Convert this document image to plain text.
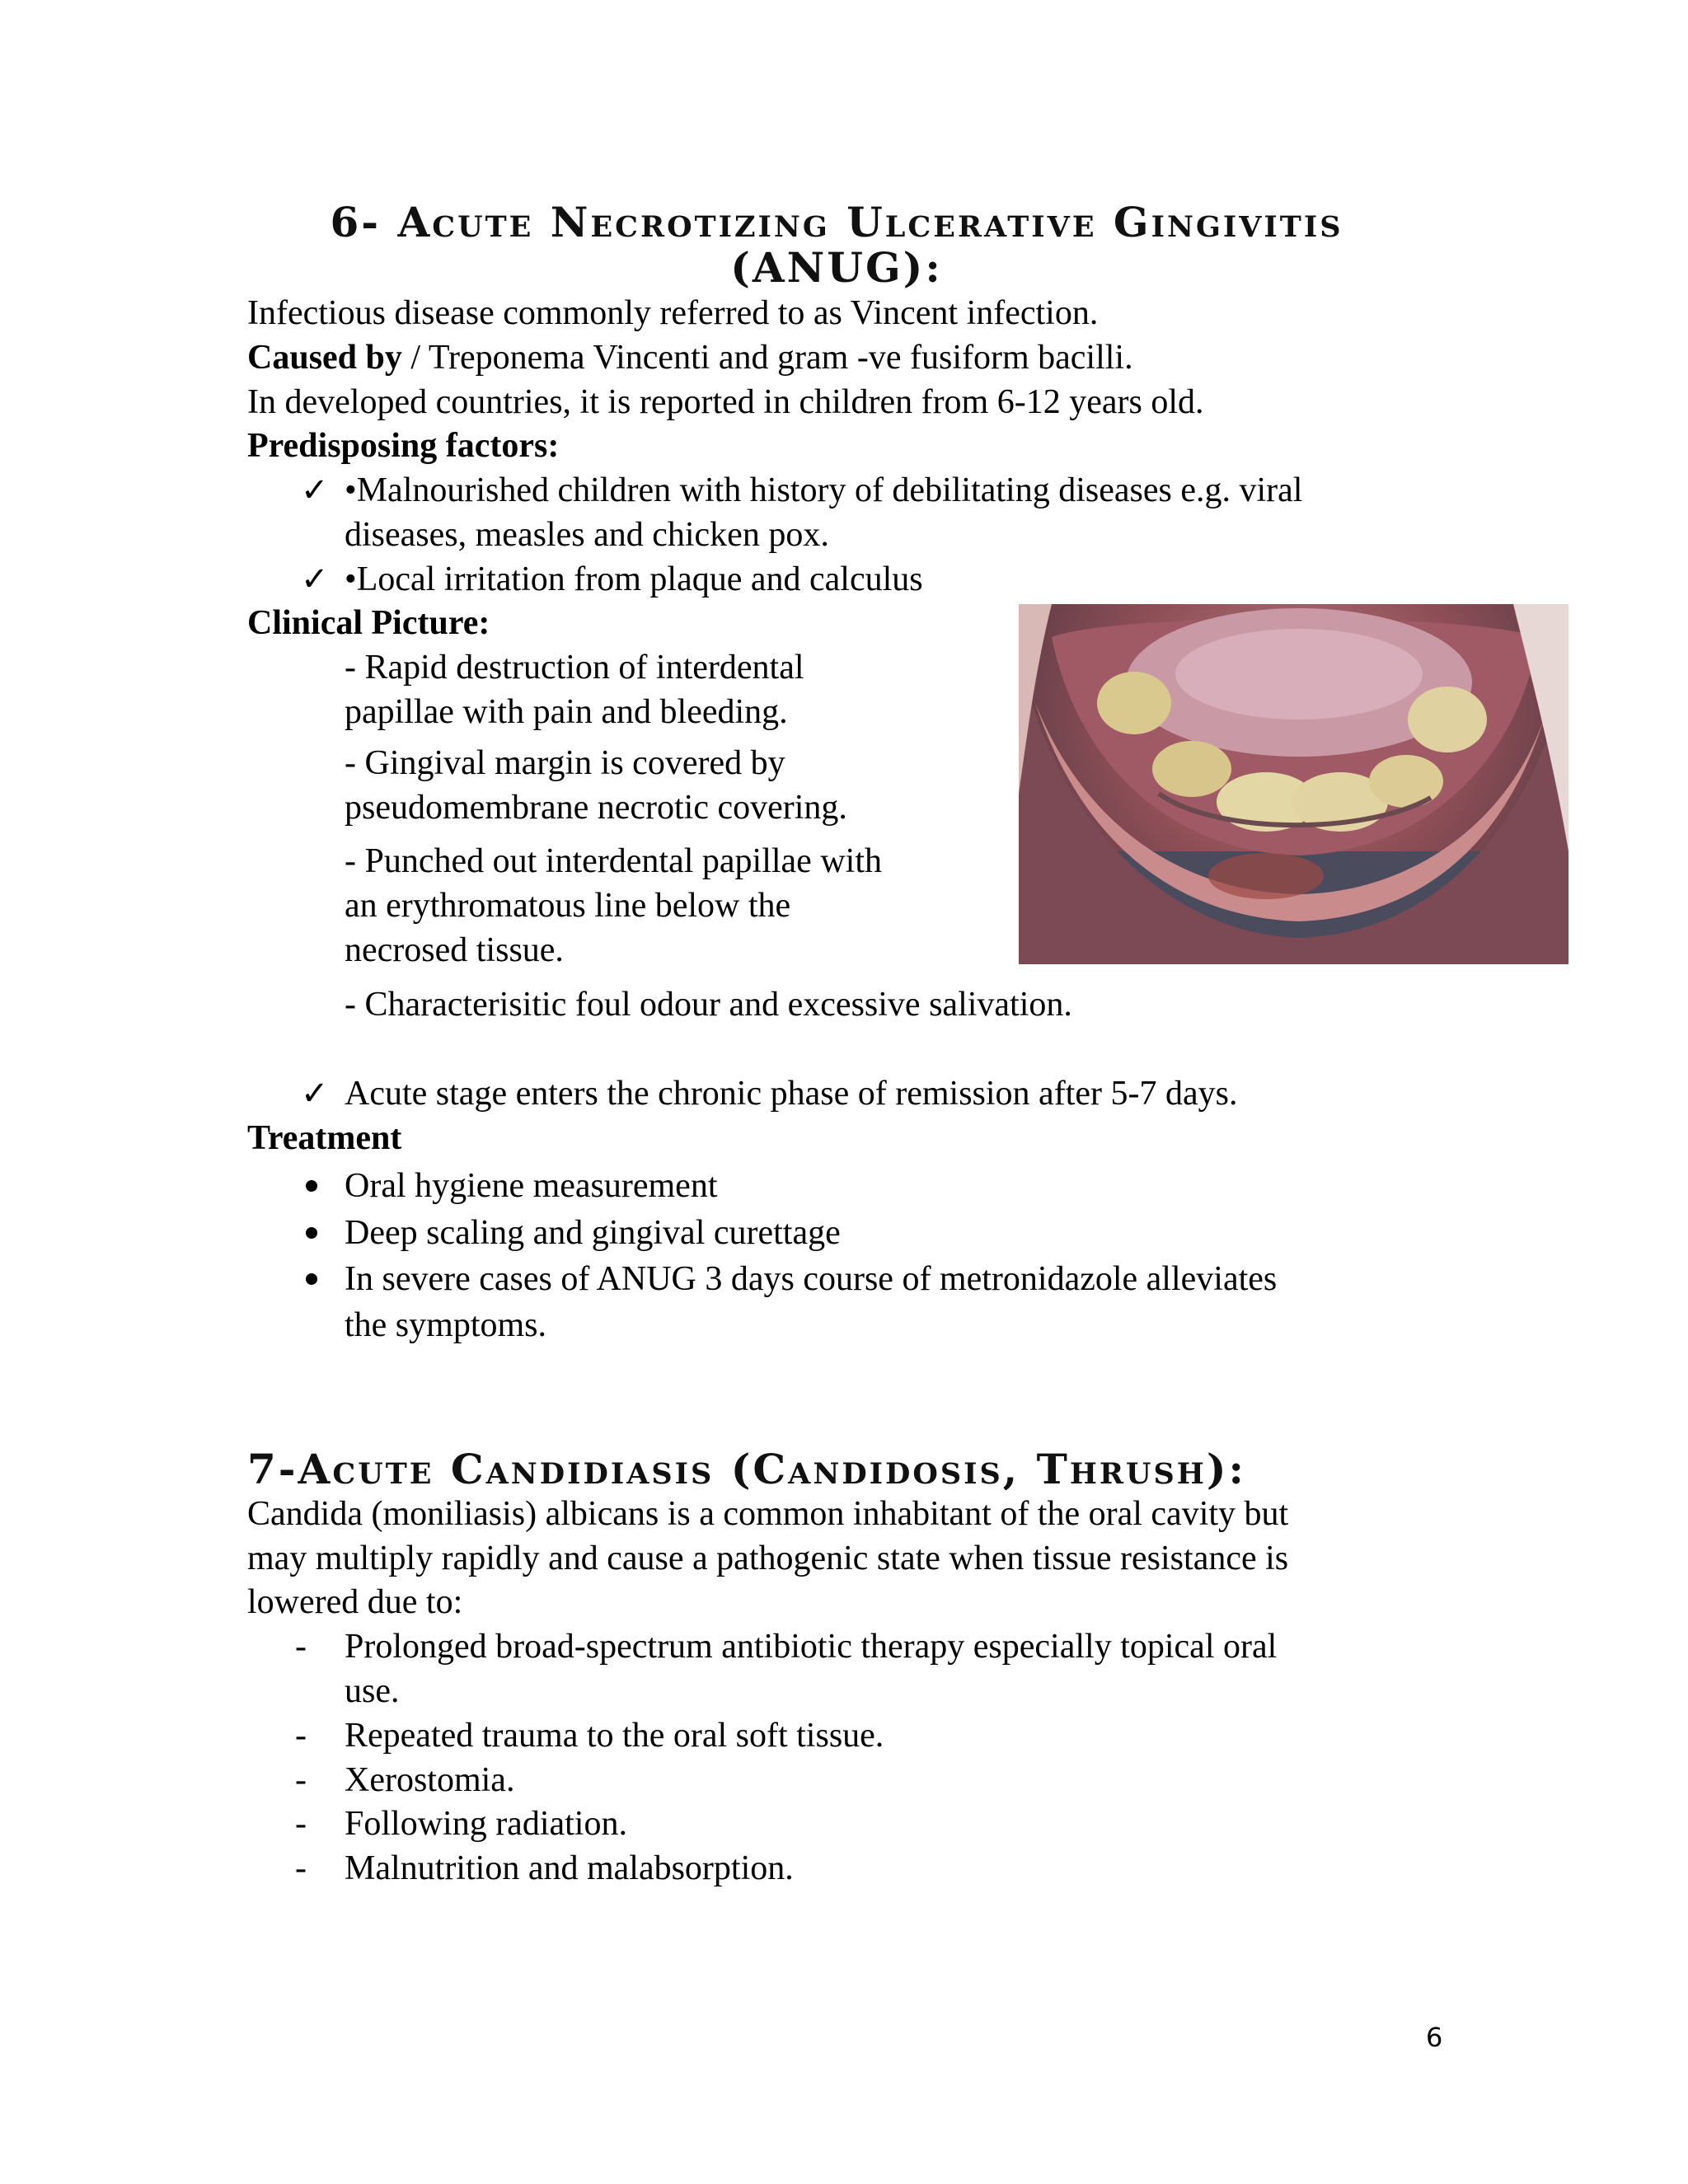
6- Acute Necrotizing Ulcerative Gingivitis (ANUG):

Infectious disease commonly referred to as Vincent infection.

Caused by / Treponema Vincenti and gram -ve fusiform bacilli.

In developed countries, it is reported in children from 6-12 years old.

Predisposing factors:

✓ •Malnourished children with history of debilitating diseases e.g. viral

diseases, measles and chicken pox.

✓ •Local irritation from plaque and calculus

Clinical Picture:

- Rapid destruction of interdental

papillae with pain and bleeding.

- Gingival margin is covered by

pseudomembrane necrotic covering.

- Punched out interdental papillae with

an erythromatous line below the

necrosed tissue.

- Characterisitic foul odour and excessive salivation.

✓ Acute stage enters the chronic phase of remission after 5-7 days.

Treatment

Oral hygiene measurement

Deep scaling and gingival curettage

In severe cases of ANUG 3 days course of metronidazole alleviates

the symptoms.

7-Acute Candidiasis (Candidosis, Thrush):

Candida (moniliasis) albicans is a common inhabitant of the oral cavity but

may multiply rapidly and cause a pathogenic state when tissue resistance is

lowered due to:

- Prolonged broad-spectrum antibiotic therapy especially topical oral

use.

- Repeated trauma to the oral soft tissue.

- Xerostomia.

- Following radiation.

- Malnutrition and malabsorption.

6
